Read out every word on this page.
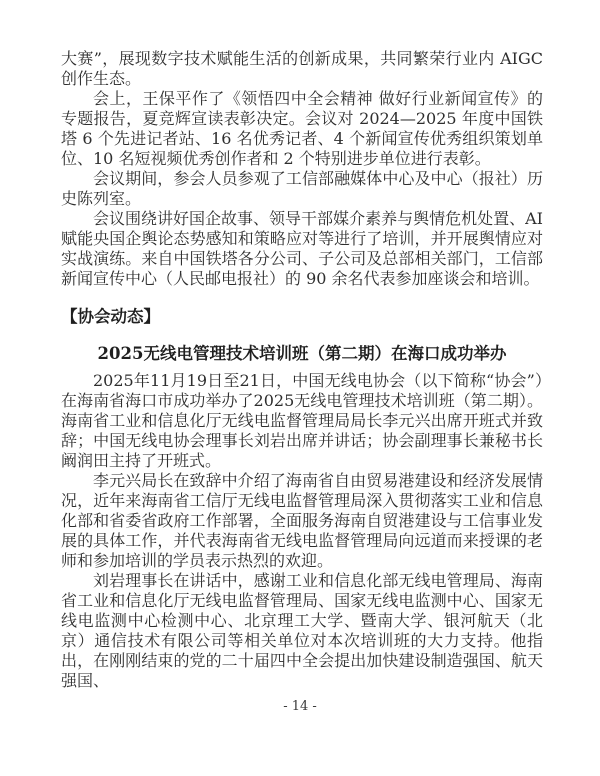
大赛”，展现数字技术赋能生活的创新成果，共同繁荣行业内 AIGC 创作生态。

会上，王保平作了《领悟四中全会精神 做好行业新闻宣传》的专题报告，夏竞辉宣读表彰决定。会议对 2024—2025 年度中国铁塔 6 个先进记者站、16 名优秀记者、4 个新闻宣传优秀组织策划单位、10 名短视频优秀创作者和 2 个特别进步单位进行表彰。

会议期间，参会人员参观了工信部融媒体中心及中心（报社）历史陈列室。

会议围绕讲好国企故事、领导干部媒介素养与舆情危机处置、AI 赋能央国企舆论态势感知和策略应对等进行了培训，并开展舆情应对实战演练。来自中国铁塔各分公司、子公司及总部相关部门，工信部新闻宣传中心（人民邮电报社）的 90 余名代表参加座谈会和培训。

【协会动态】

2025无线电管理技术培训班（第二期）在海口成功举办

2025年11月19日至21日，中国无线电协会（以下简称“协会”）在海南省海口市成功举办了2025无线电管理技术培训班（第二期）。海南省工业和信息化厅无线电监督管理局局长李元兴出席开班式并致辞；中国无线电协会理事长刘岩出席并讲话；协会副理事长兼秘书长阚润田主持了开班式。

李元兴局长在致辞中介绍了海南省自由贸易港建设和经济发展情况，近年来海南省工信厅无线电监督管理局深入贯彻落实工业和信息化部和省委省政府工作部署，全面服务海南自贸港建设与工信事业发展的具体工作，并代表海南省无线电监督管理局向远道而来授课的老师和参加培训的学员表示热烈的欢迎。

刘岩理事长在讲话中，感谢工业和信息化部无线电管理局、海南省工业和信息化厅无线电监督管理局、国家无线电监测中心、国家无线电监测中心检测中心、北京理工大学、暨南大学、银河航天（北京）通信技术有限公司等相关单位对本次培训班的大力支持。他指出，在刚刚结束的党的二十届四中全会提出加快建设制造强国、航天强国、

- 14 -
